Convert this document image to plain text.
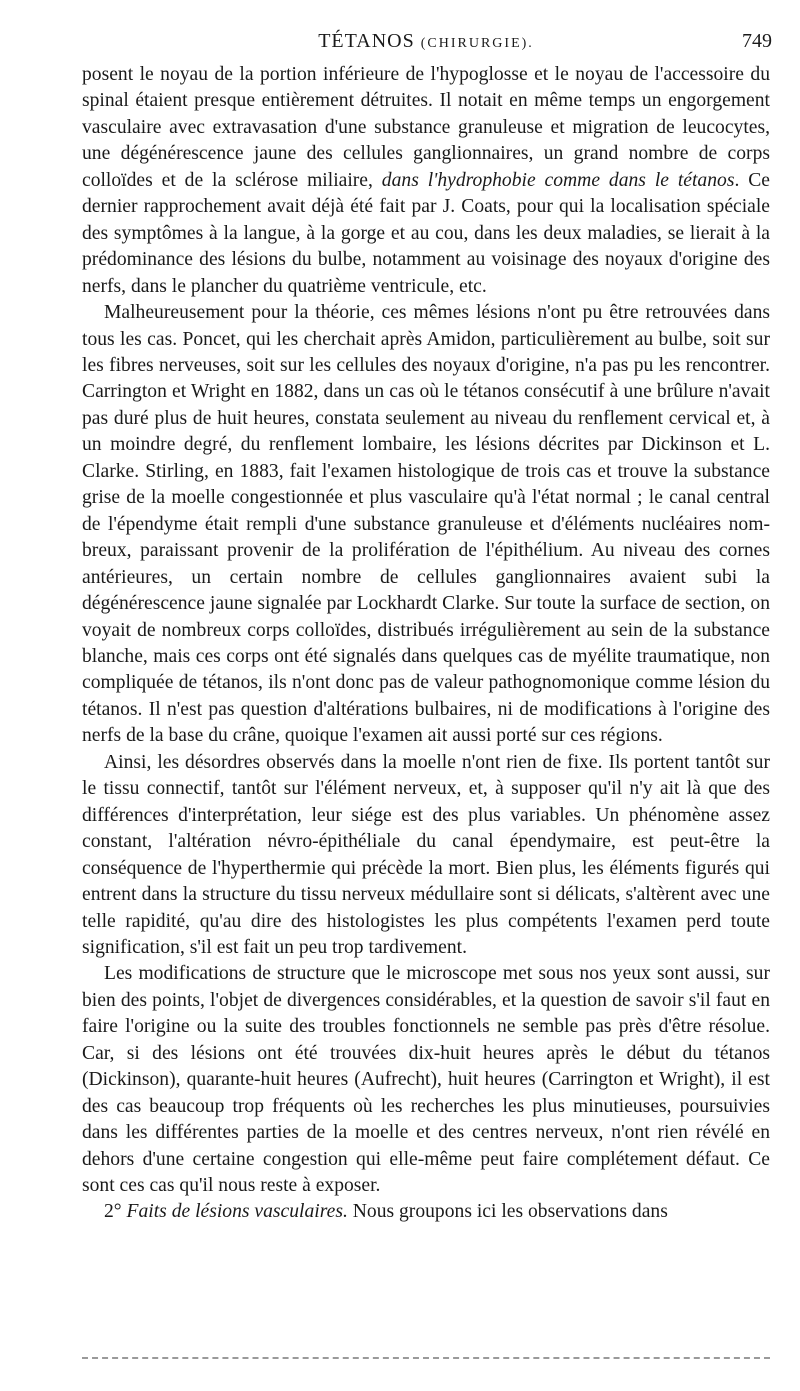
TÉTANOS (CHIRURGIE).	749

posent le noyau de la portion inférieure de l'hypoglosse et le noyau de l'accessoire du spinal étaient presque entièrement détruites. Il notait en même temps un engorgement vasculaire avec extravasation d'une substance granuleuse et migration de leucocytes, une dégénérescence jaune des cellules ganglionnaires, un grand nombre de corps colloïdes et de la sclérose miliaire, dans l'hydrophobie comme dans le tétanos. Ce dernier rapprochement avait déjà été fait par J. Coats, pour qui la localisation spéciale des symptômes à la langue, à la gorge et au cou, dans les deux maladies, se lierait à la prédominance des lésions du bulbe, notamment au voisinage des noyaux d'origine des nerfs, dans le plancher du quatrième ventricule, etc.

Malheureusement pour la théorie, ces mêmes lésions n'ont pu être retrouvées dans tous les cas. Poncet, qui les cherchait après Amidon, particulièrement au bulbe, soit sur les fibres nerveuses, soit sur les cellules des noyaux d'origine, n'a pas pu les rencontrer. Carrington et Wright en 1882, dans un cas où le tétanos consécutif à une brûlure n'avait pas duré plus de huit heures, constata seulement au niveau du renflement cervical et, à un moindre degré, du renflement lombaire, les lésions décrites par Dickinson et L. Clarke. Stirling, en 1883, fait l'examen histologique de trois cas et trouve la substance grise de la moelle congestionnée et plus vasculaire qu'à l'état normal ; le canal central de l'épendyme était rempli d'une substance granuleuse et d'éléments nucléaires nombreux, paraissant provenir de la prolifération de l'épithélium. Au niveau des cornes antérieures, un certain nombre de cellules ganglionnaires avaient subi la dégénérescence jaune signalée par Lockhardt Clarke. Sur toute la surface de section, on voyait de nombreux corps colloïdes, distribués irrégulièrement au sein de la substance blanche, mais ces corps ont été signalés dans quelques cas de myélite traumatique, non compliquée de tétanos, ils n'ont donc pas de valeur pathognomonique comme lésion du tétanos. Il n'est pas question d'altérations bulbaires, ni de modifications à l'origine des nerfs de la base du crâne, quoique l'examen ait aussi porté sur ces régions.

Ainsi, les désordres observés dans la moelle n'ont rien de fixe. Ils portent tantôt sur le tissu connectif, tantôt sur l'élément nerveux, et, à supposer qu'il n'y ait là que des différences d'interprétation, leur siége est des plus variables. Un phénomène assez constant, l'altération névro-épithéliale du canal épendymaire, est peut-être la conséquence de l'hyperthermie qui précède la mort. Bien plus, les éléments figurés qui entrent dans la structure du tissu nerveux médullaire sont si délicats, s'altèrent avec une telle rapidité, qu'au dire des histologistes les plus compétents l'examen perd toute signification, s'il est fait un peu trop tardivement.

Les modifications de structure que le microscope met sous nos yeux sont aussi, sur bien des points, l'objet de divergences considérables, et la question de savoir s'il faut en faire l'origine ou la suite des troubles fonctionnels ne semble pas près d'être résolue. Car, si des lésions ont été trouvées dix-huit heures après le début du tétanos (Dickinson), quarante-huit heures (Aufrecht), huit heures (Carrington et Wright), il est des cas beaucoup trop fréquents où les recherches les plus minutieuses, poursuivies dans les différentes parties de la moelle et des centres nerveux, n'ont rien révélé en dehors d'une certaine congestion qui elle-même peut faire complétement défaut. Ce sont ces cas qu'il nous reste à exposer.

2° Faits de lésions vasculaires. Nous groupons ici les observations dans
